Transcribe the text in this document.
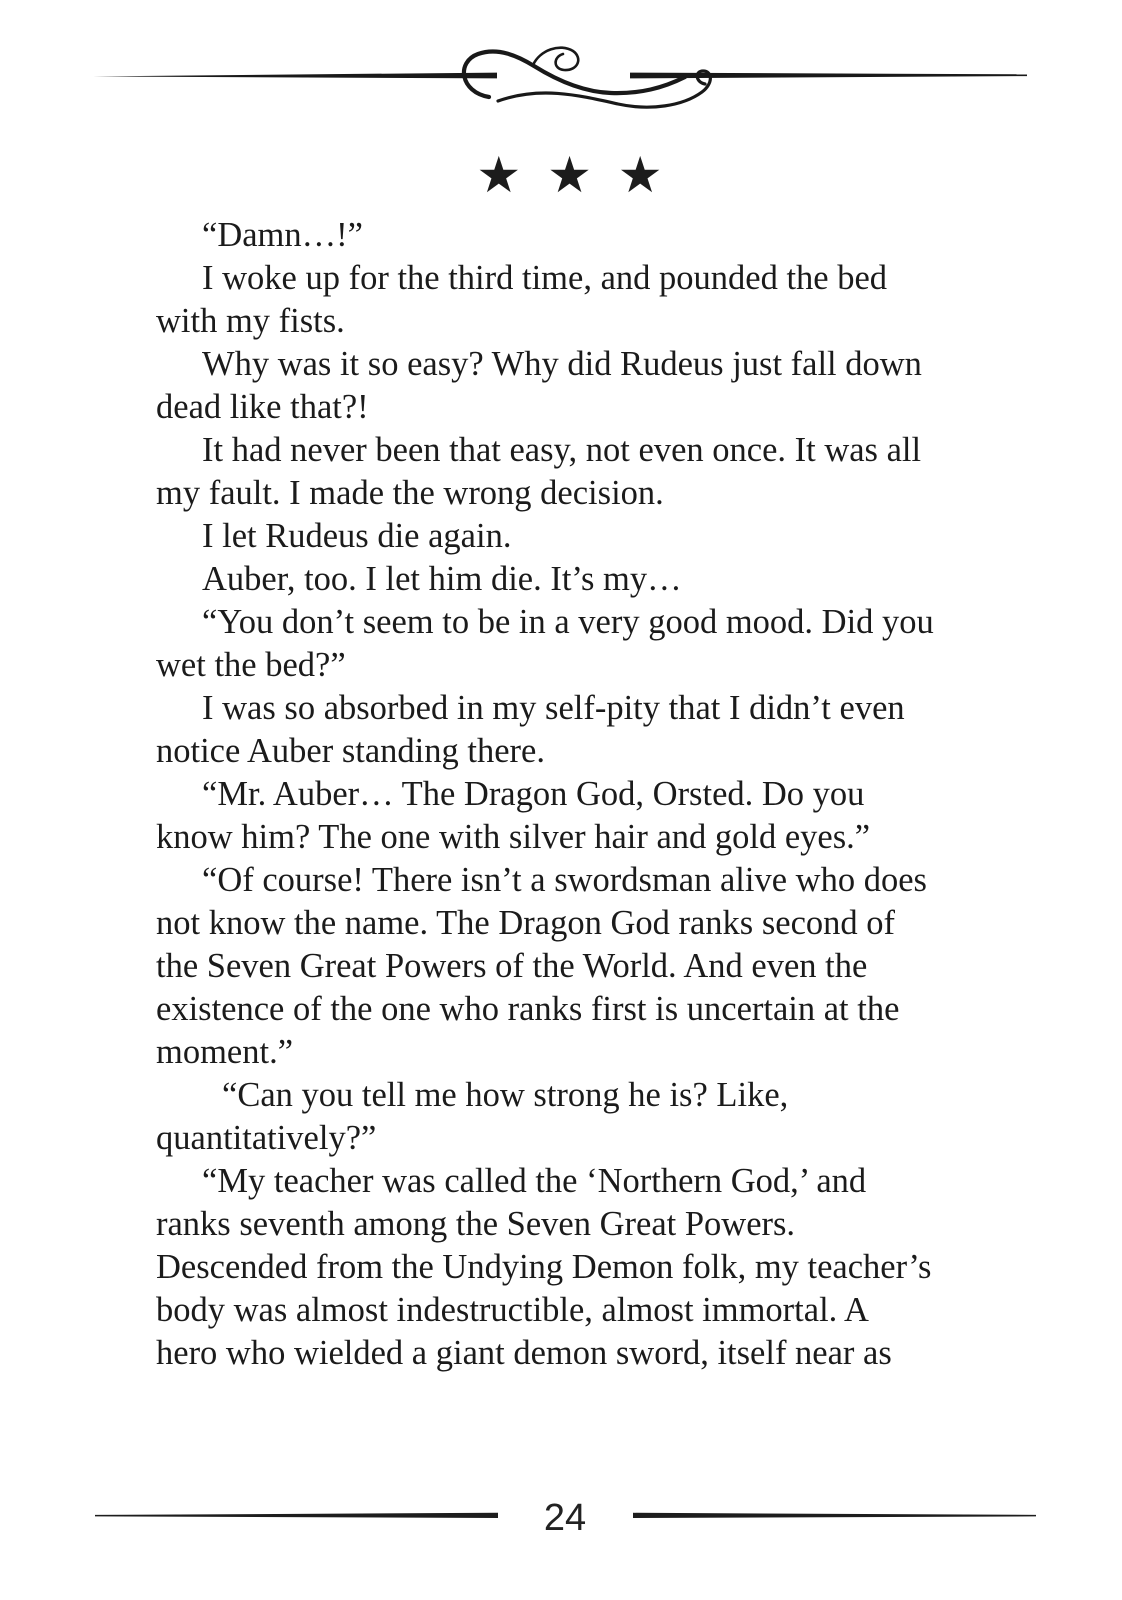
★ ★ ★
“Damn…!”
I woke up for the third time, and pounded the bed
with my fists.
Why was it so easy? Why did Rudeus just fall down
dead like that?!
It had never been that easy, not even once. It was all
my fault. I made the wrong decision.
I let Rudeus die again.
Auber, too. I let him die. It’s my…
“You don’t seem to be in a very good mood. Did you
wet the bed?”
I was so absorbed in my self-pity that I didn’t even
notice Auber standing there.
“Mr. Auber… The Dragon God, Orsted. Do you
know him? The one with silver hair and gold eyes.”
“Of course! There isn’t a swordsman alive who does
not know the name. The Dragon God ranks second of
the Seven Great Powers of the World. And even the
existence of the one who ranks first is uncertain at the
moment.”
“Can you tell me how strong he is? Like,
quantitatively?”
“My teacher was called the ‘Northern God,’ and
ranks seventh among the Seven Great Powers.
Descended from the Undying Demon folk, my teacher’s
body was almost indestructible, almost immortal. A
hero who wielded a giant demon sword, itself near as
24
